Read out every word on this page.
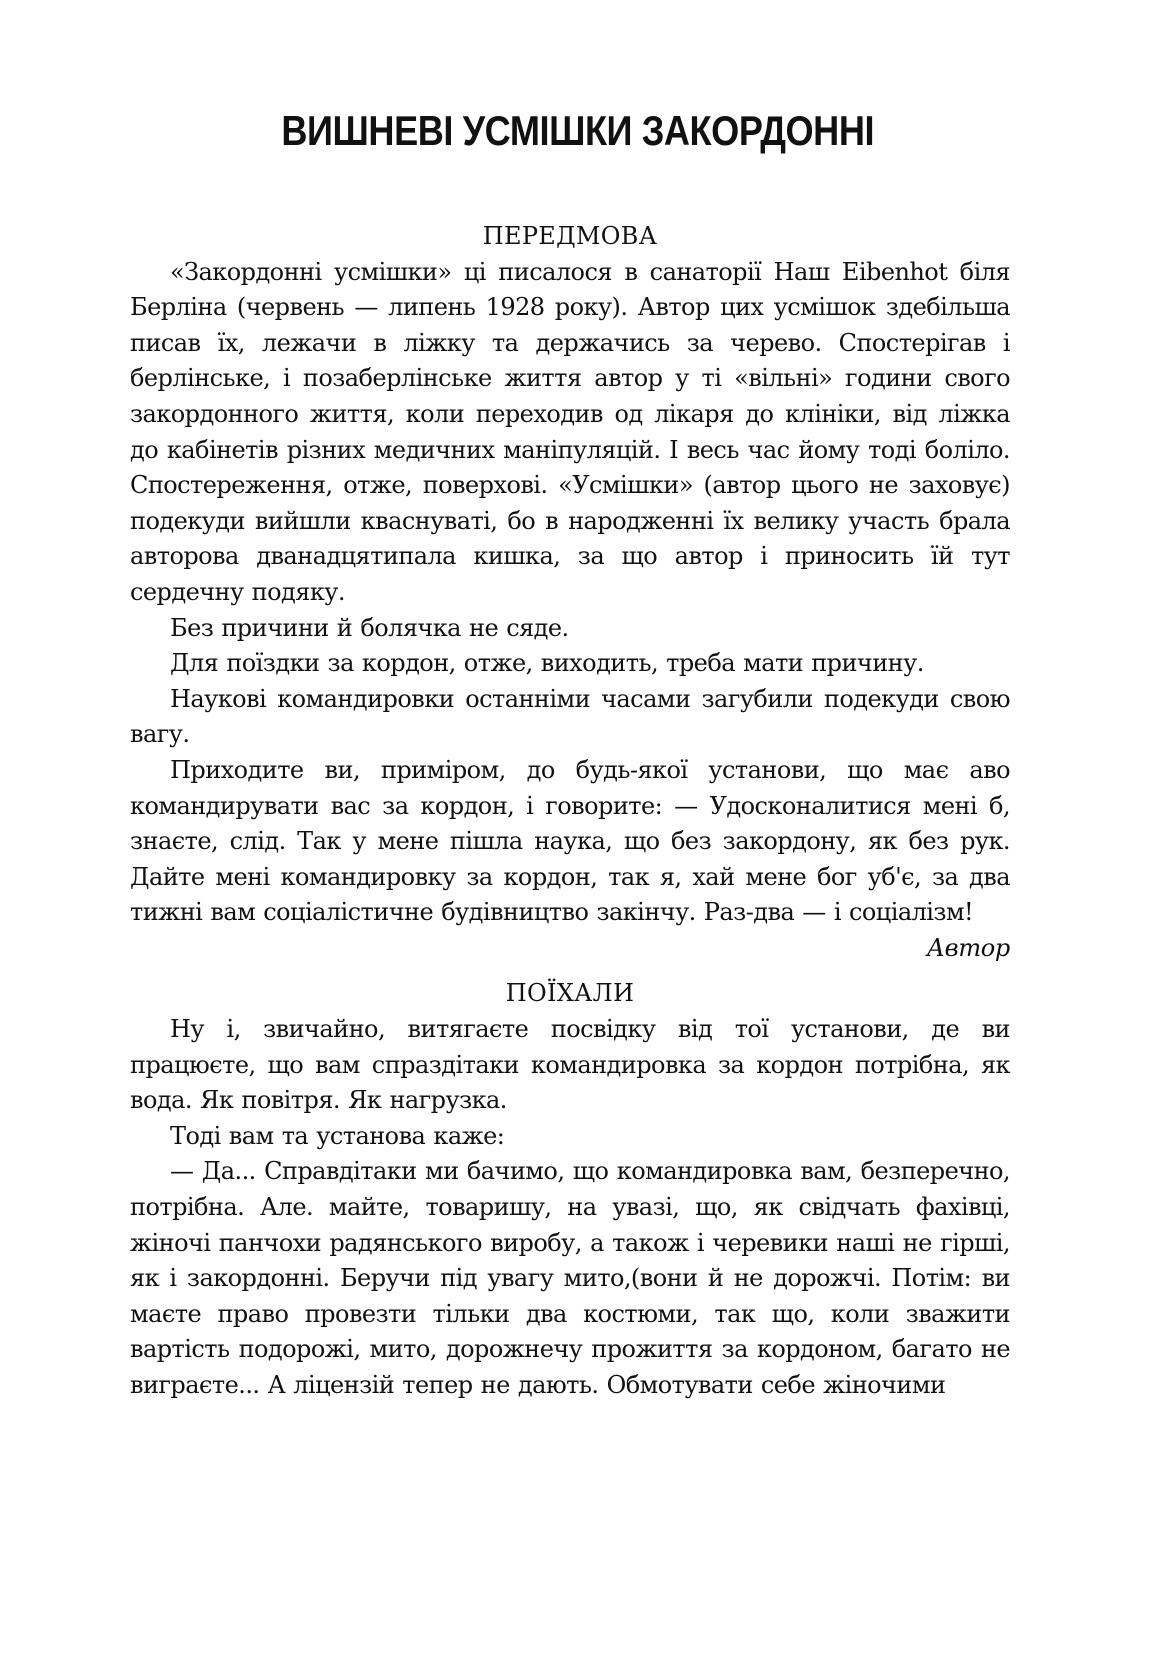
ВИШНЕВІ УСМІШКИ ЗАКОРДОННІ

ПЕРЕДМОВА

«Закордонні усмішки» ці писалося в санаторії Наш Eibenhot біля Берліна (червень — липень 1928 року). Автор цих усмішок здебільша писав їх, лежачи в ліжку та держачись за черево. Спостерігав і берлінське, і позаберлінське життя автор у ті «вільні» години свого закордонного життя, коли переходив од лікаря до клініки, від ліжка до кабінетів різних медичних маніпуляцій. І весь час йому тоді боліло. Спостереження, отже, поверхові. «Усмішки» (автор цього не заховує) подекуди вийшли кваснуваті, бо в народженні їх велику участь брала авторова дванадцятипала кишка, за що автор і приносить їй тут сердечну подяку.

Без причини й болячка не сяде.

Для поїздки за кордон, отже, виходить, треба мати причину.

Наукові командировки останніми часами загубили подекуди свою вагу.

Приходите ви, приміром, до будь-якої установи, що має аво командирувати вас за кордон, і говорите: — Удосконалитися мені б, знаєте, слід. Так у мене пішла наука, що без закордону, як без рук. Дайте мені командировку за кордон, так я, хай мене бог уб'є, за два тижні вам соціалістичне будівництво закінчу. Раз-два — і соціалізм!

Автор

ПОЇХАЛИ

Ну і, звичайно, витягаєте посвідку від тої установи, де ви працюєте, що вам спраздітаки командировка за кордон потрібна, як вода. Як повітря. Як нагрузка.

Тоді вам та установа каже:

— Да... Справдітаки ми бачимо, що командировка вам, безперечно, потрібна. Але. майте, товаришу, на увазі, що, як свідчать фахівці, жіночі панчохи радянського виробу, а також і черевики наші не гірші, як і закордонні. Беручи під увагу мито,(вони й не дорожчі. Потім: ви маєте право провезти тільки два костюми, так що, коли зважити вартість подорожі, мито, дорожнечу прожиття за кордоном, багато не виграєте... А ліцензій тепер не дають. Обмотувати себе жіночими
